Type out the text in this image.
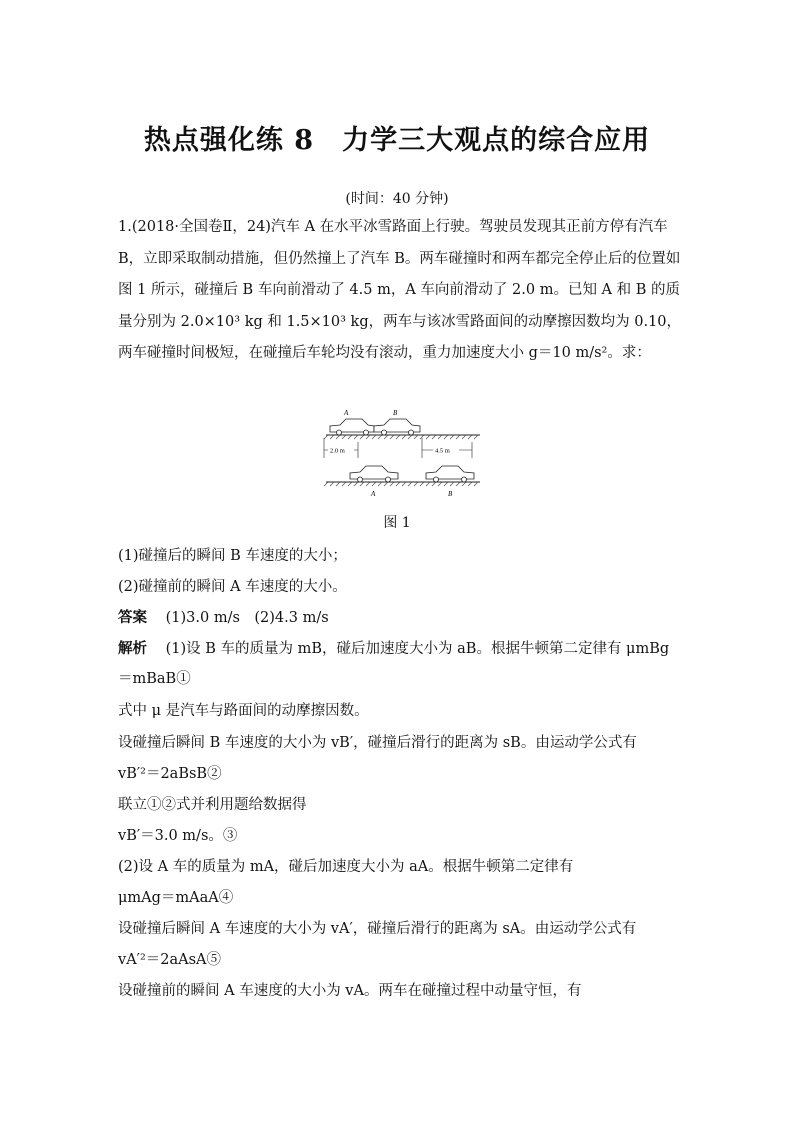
热点强化练 8　力学三大观点的综合应用
(时间：40 分钟)
1.(2018·全国卷Ⅱ，24)汽车 A 在水平冰雪路面上行驶。驾驶员发现其正前方停有汽车 B，立即采取制动措施，但仍然撞上了汽车 B。两车碰撞时和两车都完全停止后的位置如图 1 所示，碰撞后 B 车向前滑动了 4.5 m，A 车向前滑动了 2.0 m。已知 A 和 B 的质量分别为 2.0×10³ kg 和 1.5×10³ kg，两车与该冰雪路面间的动摩擦因数均为 0.10，两车碰撞时间极短，在碰撞后车轮均没有滚动，重力加速度大小 g＝10 m/s²。求：
A	B
2.0 m	4.5 m
A	B
图 1
(1)碰撞后的瞬间 B 车速度的大小；
(2)碰撞前的瞬间 A 车速度的大小。
答案 (1)3.0 m/s　(2)4.3 m/s
解析 (1)设 B 车的质量为 mB，碰后加速度大小为 aB。根据牛顿第二定律有 μmBg
＝mBaB①
式中 μ 是汽车与路面间的动摩擦因数。
设碰撞后瞬间 B 车速度的大小为 vB′，碰撞后滑行的距离为 sB。由运动学公式有
vB′²＝2aBsB②
联立①②式并利用题给数据得
vB′＝3.0 m/s。③
(2)设 A 车的质量为 mA，碰后加速度大小为 aA。根据牛顿第二定律有
μmAg＝mAaA④
设碰撞后瞬间 A 车速度的大小为 vA′，碰撞后滑行的距离为 sA。由运动学公式有
vA′²＝2aAsA⑤
设碰撞前的瞬间 A 车速度的大小为 vA。两车在碰撞过程中动量守恒，有
